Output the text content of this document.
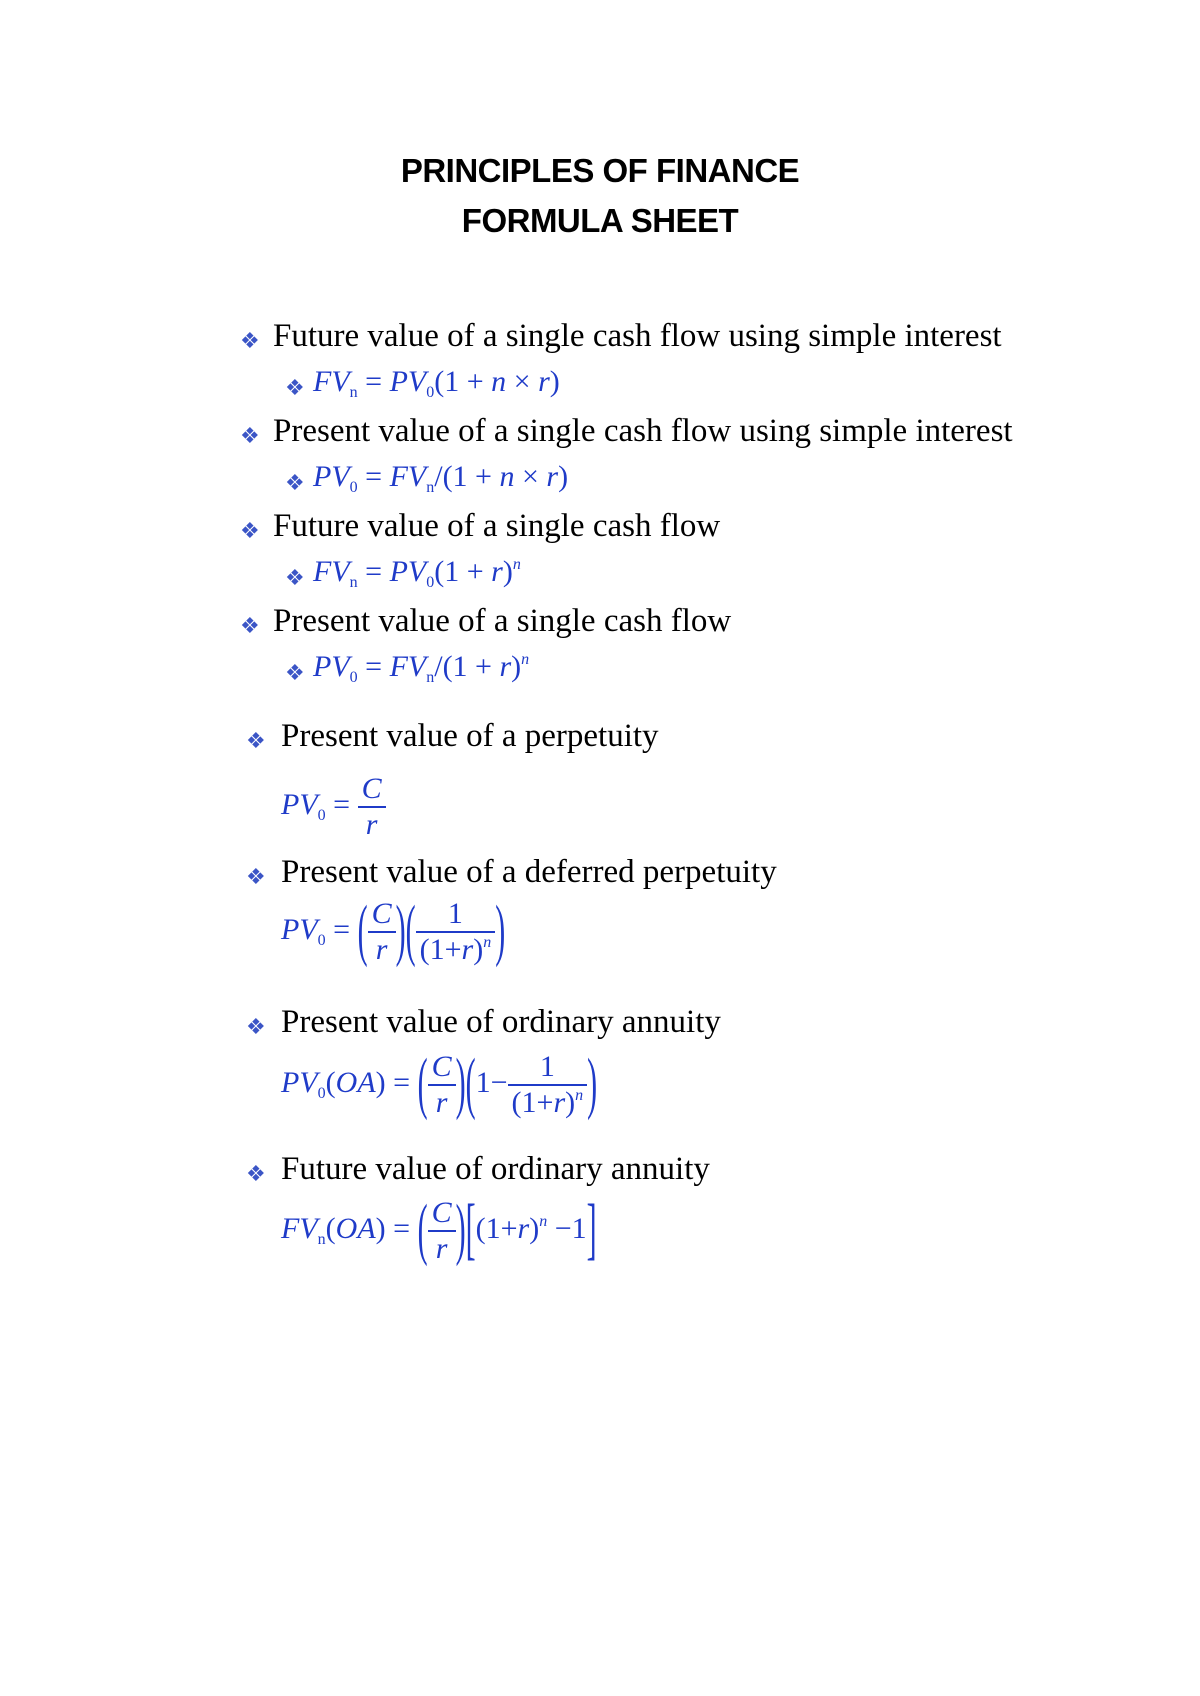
PRINCIPLES OF FINANCE
FORMULA SHEET
❖ Future value of a single cash flow using simple interest
❖ $FV_n = PV_0(1 + n \times r)$
❖ Present value of a single cash flow using simple interest
❖ $PV_0 = FV_n/(1 + n \times r)$
❖ Future value of a single cash flow
❖ $FV_n = PV_0(1 + r)^n$
❖ Present value of a single cash flow
❖ $PV_0 = FV_n/(1 + r)^n$
❖ Present value of a perpetuity
$PV_0 = \frac{C}{r}$
❖ Present value of a deferred perpetuity
$PV_0$ = ( $\frac{C}{r}$ )( $\frac{1}{(1+r)^n}$ )
❖ Present value of ordinary annuity
$PV_0(OA)$ = ( $\frac{C}{r} )(1- \frac{1}{(1+r)^n}$ )
❖ Future value of ordinary annuity
$FV_n(OA)$ = ( $\frac{C}{r} )[(1+r)^n -1]$
